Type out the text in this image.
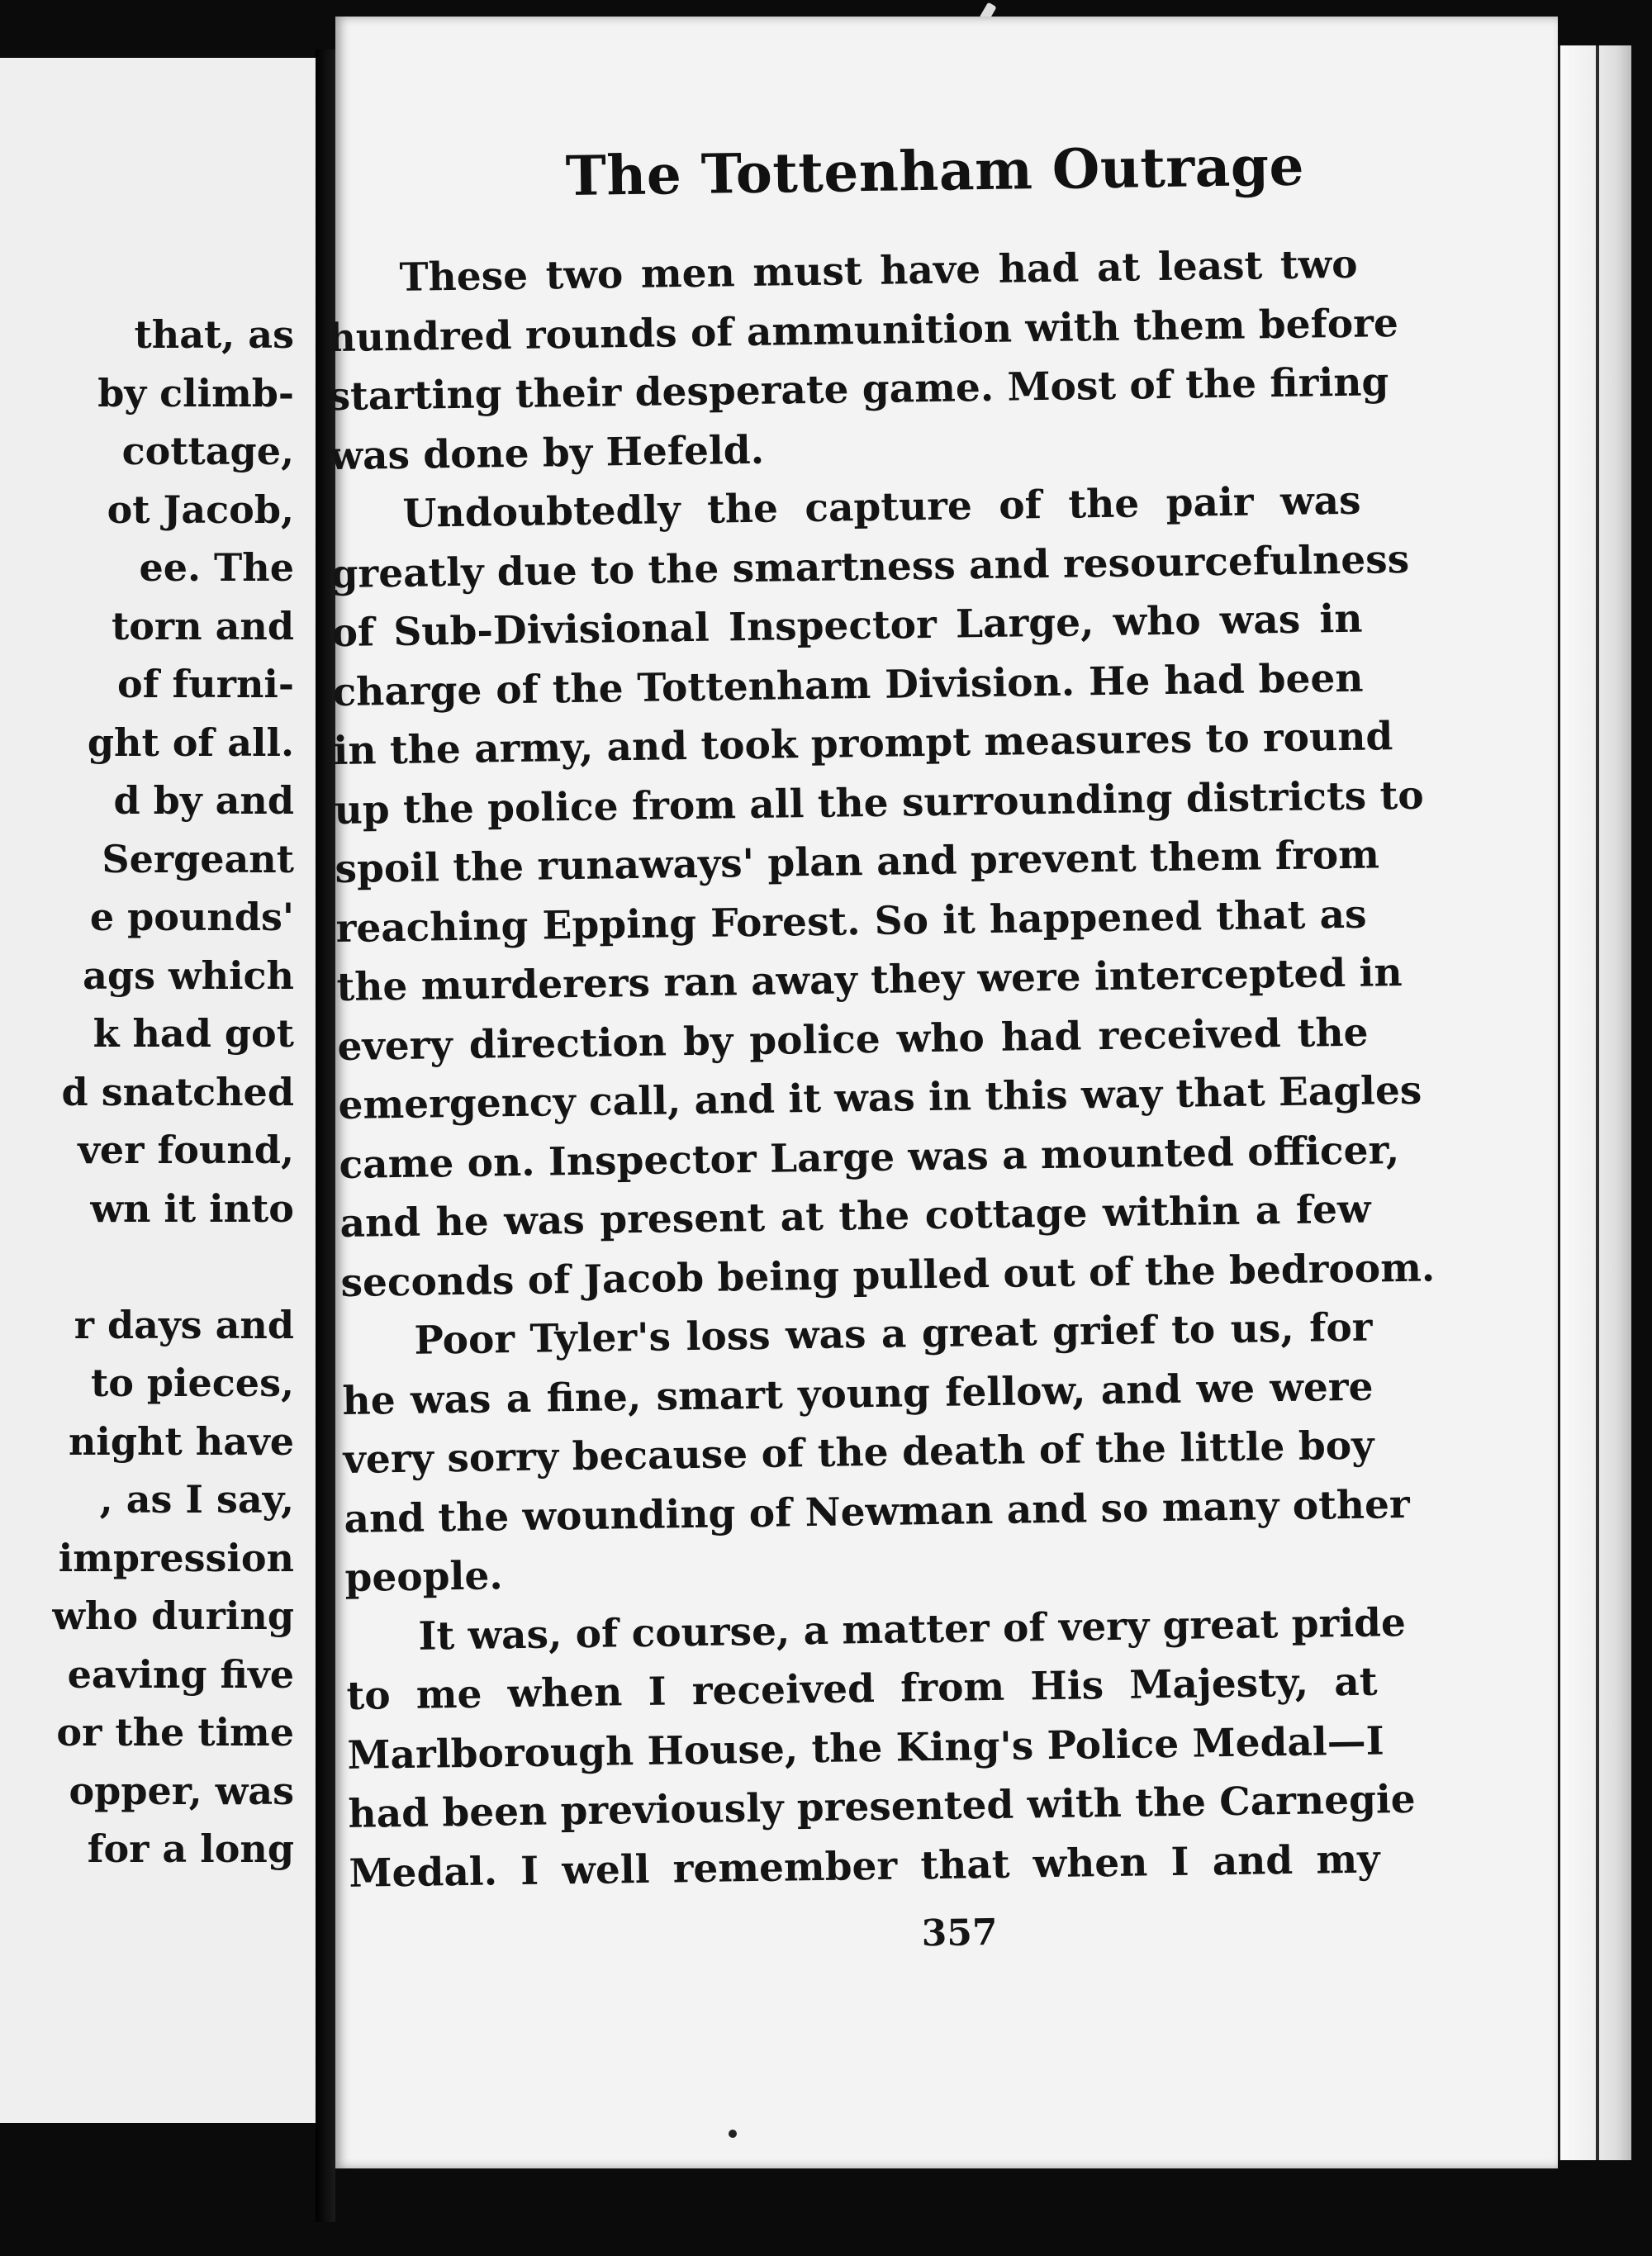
that, as
by climb-
cottage,
ot Jacob,
ee. The
torn and
of furni-
ght of all.
d by and
Sergeant
e pounds'
ags which
k had got
d snatched
ver found,
wn it into
r days and
to pieces,
night have
, as I say,
impression
who during
eaving five
or the time
opper, was
for a long
The Tottenham Outrage
These two men must have had at least two
hundred rounds of ammunition with them before
starting their desperate game. Most of the firing
was done by Hefeld.
Undoubtedly the capture of the pair was
greatly due to the smartness and resourcefulness
of Sub-Divisional Inspector Large, who was in
charge of the Tottenham Division. He had been
in the army, and took prompt measures to round
up the police from all the surrounding districts to
spoil the runaways' plan and prevent them from
reaching Epping Forest. So it happened that as
the murderers ran away they were intercepted in
every direction by police who had received the
emergency call, and it was in this way that Eagles
came on. Inspector Large was a mounted officer,
and he was present at the cottage within a few
seconds of Jacob being pulled out of the bedroom.
Poor Tyler's loss was a great grief to us, for
he was a fine, smart young fellow, and we were
very sorry because of the death of the little boy
and the wounding of Newman and so many other
people.
It was, of course, a matter of very great pride
to me when I received from His Majesty, at
Marlborough House, the King's Police Medal—I
had been previously presented with the Carnegie
Medal. I well remember that when I and my
357
